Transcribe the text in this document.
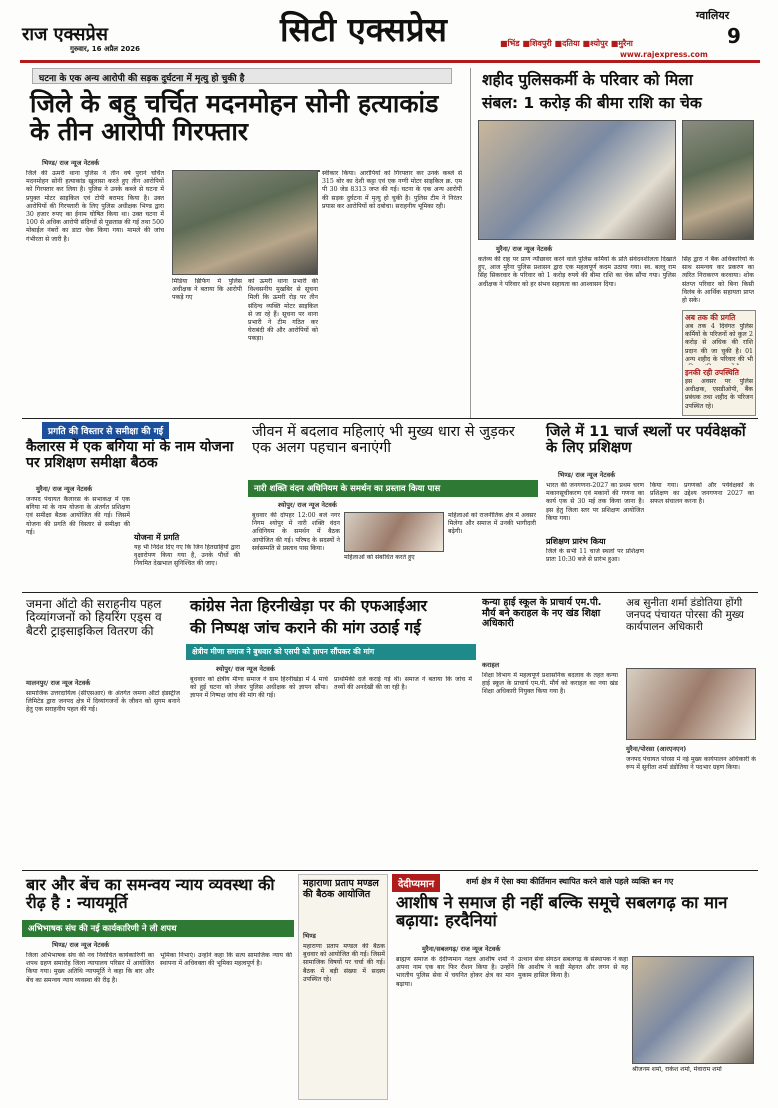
राज एक्सप्रेस
गुरुवार, 16 अप्रैल 2026	सिटी एक्सप्रेस	ग्वालियर
9
■भिंड ■शिवपुरी ■दतिया ■श्योपुर ■मुरैना
www.rajexpress.com
घटना के एक अन्य आरोपी की सड़क दुर्घटना में मृत्यु हो चुकी है
जिले के बहु चर्चित मदनमोहन सोनी हत्याकांड के तीन आरोपी गिरफ्तार
भिण्ड/ राज न्यूज नेटवर्क
जिले की ऊमरी थाना पुलिस ने तीन वर्ष पुराने चर्चित मदनमोहन सोनी हत्याकांड खुलासा करते हुए तीन आरोपियों को गिरफ्तार कर लिया है। पुलिस ने उनके कब्जे से घटना में प्रयुक्त मोटर साइकिल एवं टोपी बरामद किया है। उक्त आरोपियों की गिरफ्तारी के लिए पुलिस अधीक्षक भिण्ड द्वारा 30 हजार रुपए का ईनाम घोषित किया था। उक्त घटना में 100 से अधिक आरोपी संदिग्धों से पूछताछ की गई तथा 500 मोबाईल नंबरों का डाटा चेक किया गया। मामले की जांच गंभीरता से जारी है।
स्वीकार किया। आरोपियों को गिरफ्तार कर उनके कब्जे से 315 बोर का देशी कट्टा एवं एक नग्गी मोटर साइकिल क्र. एम पी 30 जेड 8313 जप्त की गई। घटना के एक अन्य आरोपी की सड़क दुर्घटना में मृत्यु हो चुकी है। पुलिस टीम ने निरंतर प्रयास कर आरोपियों को दबोचा। सराहनीय भूमिका रही।
मिडिया ब्रिफिंग में पुलिस अधीक्षक ने बताया कि आरोपी पकड़े गए
को ऊमरी थाना प्रभारी की विश्वसनीय मुखबिर से सूचना मिली कि ऊमरी रोड़ पर तीन संदिग्ध व्यक्ति मोटर साइकिल से जा रहे हैं। सूचना पर थाना प्रभारी ने टीम गठित कर घेराबंदी की और आरोपियों को पकड़ा।
शहीद पुलिसकर्मी के परिवार को मिला
संबल: 1 करोड़ की बीमा राशि का चेक
मुरैना/ राज न्यूज नेटवर्क
कर्तव्य की राह पर प्राण न्यौछावर करने वाले पुलिस कर्मियों के प्रति संवेदनशीलता दिखाते हुए, आज मुरैना पुलिस प्रशासन द्वारा एक महत्वपूर्ण कदम उठाया गया। स्व. बल्लू राम सिंह सिकरवार के परिवार को 1 करोड़ रुपये की बीमा राशि का चेक सौंपा गया। पुलिस अधीक्षक ने परिवार को हर संभव सहायता का आश्वासन दिया।
सिंह द्वारा ने बैंक अधिकारियों के साथ समन्वय कर प्रकरण का त्वरित निराकरण करवाया। शोक संतप्त परिवार को बिना किसी विलंब के आर्थिक सहायता प्राप्त हो सके।
अब तक की प्रगति
अब तक 4 दिवंगत पुलिस कर्मियों के परिजनों को कुल 2 करोड़ से अधिक की राशि प्रदान की जा चुकी है। 01 अन्य शहीद के परिवार की भी
इनकी रही उपस्थिति
इस अवसर पर पुलिस अधीक्षक, एसडीओपी, बैंक प्रबंधक तथा शहीद के परिजन उपस्थित रहे।
प्रगति की विस्तार से समीक्षा की गई
कैलारस में एक बगिया मां के नाम योजना पर प्रशिक्षण समीक्षा बैठक
मुरैना/ राज न्यूज नेटवर्क
जनपद पंचायत कैलारस के सभाकक्ष में एक बगिया मां के नाम योजना के अंतर्गत प्रशिक्षण एवं समीक्षा बैठक आयोजित की गई। जिसमें योजना की प्रगति की विस्तार से समीक्षा की गई।
योजना में प्रगति
यह भी निर्देश दिए गए कि जिन हितग्राहियों द्वारा वृक्षारोपण किया गया है, उनके पौधों की नियमित देखभाल सुनिश्चित की जाए।
जीवन में बदलाव महिलाएं भी मुख्य धारा से जुड़कर एक अलग पहचान बनाएंगी
नारी शक्ति वंदन अधिनियम के समर्थन का प्रस्ताव किया पास
श्योपुर/ राज न्यूज नेटवर्क
बुधवार की दोपहर 12:00 बजे नगर निगम श्योपुर में नारी शक्ति वंदन अधिनियम के समर्थन में बैठक आयोजित की गई। परिषद के सदस्यों ने सर्वसम्मति से प्रस्ताव पास किया।
महिलाओं को संबोधित करते हुए
महिलाओं को राजनीतिक क्षेत्र में अवसर मिलेगा और समाज में उनकी भागीदारी बढ़ेगी।
जिले में 11 चार्ज स्थलों पर पर्यवेक्षकों के लिए प्रशिक्षण
भिण्ड/ राज न्यूज नेटवर्क
भारत की जनगणना-2027 का प्रथम चरण मकानसूचीकरण एवं मकानों की गणना का कार्य एक से 30 मई तक किया जाना है। इस हेतु जिला स्तर पर प्रशिक्षण आयोजित किया गया।
प्रशिक्षण प्रारंभ किया
जिले के सभी 11 चार्ज स्थलों पर प्रशिक्षण प्रातः 10:30 बजे से प्रारंभ हुआ।
किया गया। प्रगणकों और पर्यवेक्षकों के प्रशिक्षण का उद्देश्य जनगणना 2027 का सफल संचालन करना है।
जमना ऑटो की सराहनीय पहल दिव्यांगजनों को हियरिंग एड्स व बैटरी ट्राइसाइकिल वितरण की
मालनपुर/ राज न्यूज नेटवर्क
सामाजिक उत्तरदायित्व (सीएसआर) के अंतर्गत जमना ऑटो इंडस्ट्रीज लिमिटेड द्वारा जनपद क्षेत्र में दिव्यांगजनों के जीवन को सुगम बनाने हेतु एक सराहनीय पहल की गई।
कांग्रेस नेता हिरनीखेड़ा पर की एफआईआर
की निष्पक्ष जांच कराने की मांग उठाई गई
क्षेत्रीय मीणा समाज ने बुधवार को एसपी को ज्ञापन सौंपकर की मांग
श्योपुर/ राज न्यूज नेटवर्क
बुधवार को क्षेत्रीय मीणा समाज ने ग्राम हिरनीखेड़ा में 4 मार्च को हुई घटना को लेकर पुलिस अधीक्षक को ज्ञापन सौंपा। ज्ञापन में निष्पक्ष जांच की मांग की गई।
प्राथमिकी दर्ज कराई गई थी। समाज ने बताया कि जांच में तथ्यों की अनदेखी की जा रही है।
कन्या हाई स्कूल के प्राचार्य एम.पी. मौर्य बने कराहल के नए खंड शिक्षा अधिकारी
कराहल
शिक्षा विभाग में महत्वपूर्ण प्रशासनिक बदलाव के तहत कन्या हाई स्कूल के प्राचार्य एम.पी. मौर्य को कराहल का नया खंड शिक्षा अधिकारी नियुक्त किया गया है।
अब सुनीता शर्मा डंडोतिया होंगी जनपद पंचायत पोरसा की मुख्य कार्यपालन अधिकारी
मुरैना/पोरसा (आरएनएन)
जनपद पंचायत पोरसा में नई मुख्य कार्यपालन अधिकारी के रूप में सुनीता शर्मा डंडोतिया ने पदभार ग्रहण किया।
बार और बेंच का समन्वय न्याय व्यवस्था की रीढ़ है : न्यायमूर्ति
अभिभाषक संघ की नई कार्यकारिणी ने ली शपथ
भिण्ड/ राज न्यूज नेटवर्क
जिला अभिभाषक संघ की नव निर्वाचित कार्यकारिणी का शपथ ग्रहण समारोह जिला न्यायालय परिसर में आयोजित किया गया। मुख्य अतिथि न्यायमूर्ति ने कहा कि बार और बेंच का समन्वय न्याय व्यवस्था की रीढ़ है।
भूमिका निभाएं। उन्होंने कहा कि सत्य सामाजिक न्याय की स्थापना में अधिवक्ता की भूमिका महत्वपूर्ण है।
महाराणा प्रताप मण्डल की बैठक आयोजित
भिण्ड
महाराणा प्रताप मण्डल की बैठक बुधवार को आयोजित की गई। जिसमें सामाजिक विषयों पर चर्चा की गई। बैठक में बड़ी संख्या में सदस्य उपस्थित रहे।
देदीप्यमान	शर्मा क्षेत्र में ऐसा क्या कीर्तिमान स्थापित करने वाले पहले व्यक्ति बन गए
आशीष ने समाज ही नहीं बल्कि समूचे सबलगढ़ का मान बढ़ाया: हरदैनियां
मुरैना/सबलगढ़/ राज न्यूज नेटवर्क
ब्राह्मण समाज के देदीप्यमान नक्षत्र आशीष शर्मा ने अपना नाम एक बार फिर रौशन किया है। उन्होंने भारतीय पुलिस सेवा में चयनित होकर क्षेत्र का मान बढ़ाया।
उत्थान सेवा संगठन सबलगढ़ के संस्थापक ने कहा कि आशीष ने कड़ी मेहनत और लगन से यह मुकाम हासिल किया है।
श्रीजनम शर्मा, राकेश शर्मा, मेवाराम शर्मा
